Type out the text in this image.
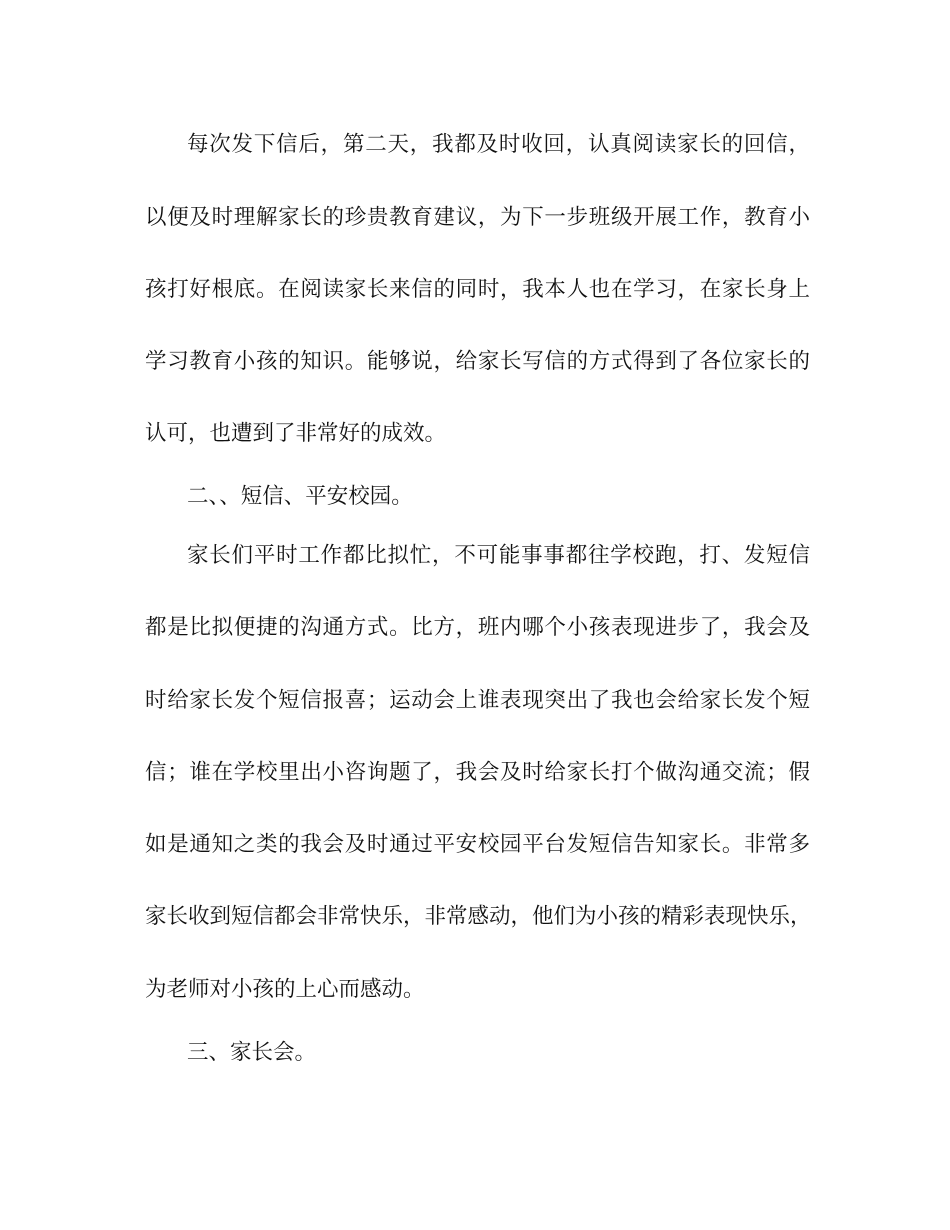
每次发下信后，第二天，我都及时收回，认真阅读家长的回信，
以便及时理解家长的珍贵教育建议，为下一步班级开展工作，教育小
孩打好根底。在阅读家长来信的同时，我本人也在学习，在家长身上
学习教育小孩的知识。能够说，给家长写信的方式得到了各位家长的
认可，也遭到了非常好的成效。
二、、短信、平安校园。
家长们平时工作都比拟忙，不可能事事都往学校跑，打、发短信
都是比拟便捷的沟通方式。比方，班内哪个小孩表现进步了，我会及
时给家长发个短信报喜；运动会上谁表现突出了我也会给家长发个短
信；谁在学校里出小咨询题了，我会及时给家长打个做沟通交流；假
如是通知之类的我会及时通过平安校园平台发短信告知家长。非常多
家长收到短信都会非常快乐，非常感动，他们为小孩的精彩表现快乐，
为老师对小孩的上心而感动。
三、家长会。
